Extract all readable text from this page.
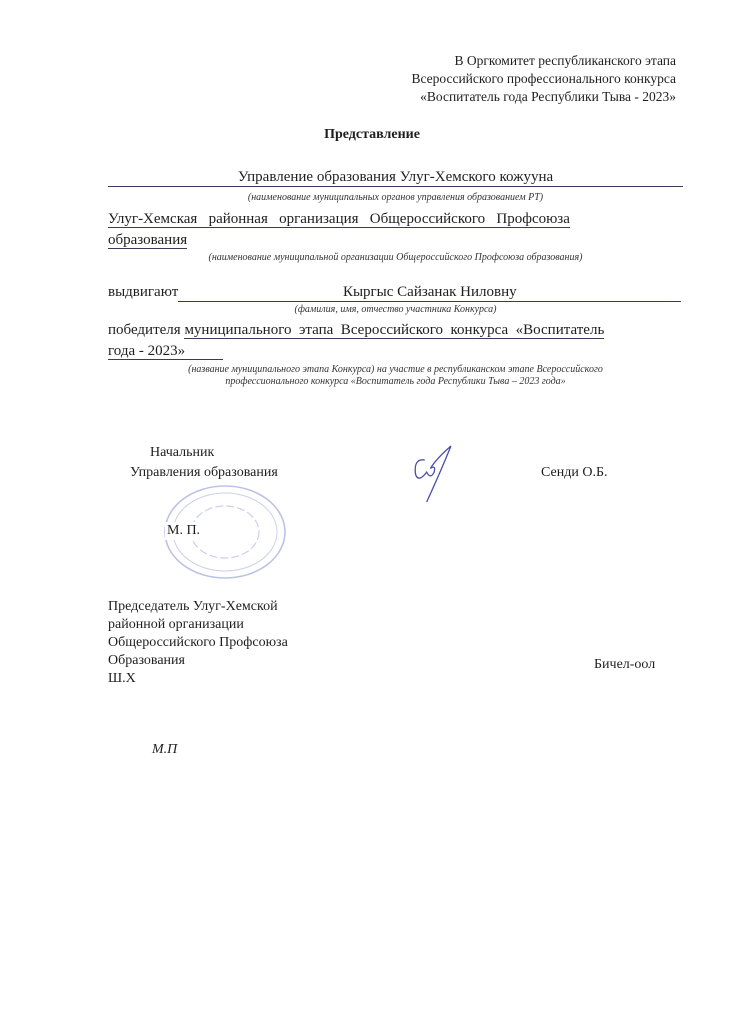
В Оргкомитет республиканского этапа
Всероссийского профессионального конкурса
«Воспитатель года Республики Тыва - 2023»
Представление
Управление образования Улуг-Хемского кожууна
(наименование муниципальных органов управления образованием РТ)
Улуг-Хемская   районная   организация   Общероссийского   Профсоюза
образования
(наименование муниципальной организации Общероссийского Профсоюза образования)
выдвигают	Кыргыс Сайзанак Ниловну
(фамилия, имя, отчество участника Конкурса)
победителя муниципального  этапа  Всероссийского  конкурса  «Воспитатель
года - 2023»
(название муниципального этапа Конкурса) на участие в республиканском этапе Всероссийского
профессионального конкурса «Воспитатель года Республики Тыва – 2023 года»
Начальник
Управления образования
М. П.
Сенди О.Б.
Председатель Улуг-Хемской
районной организации
Общероссийского Профсоюза
Образования
Ш.Х
Бичел-оол
М.П
